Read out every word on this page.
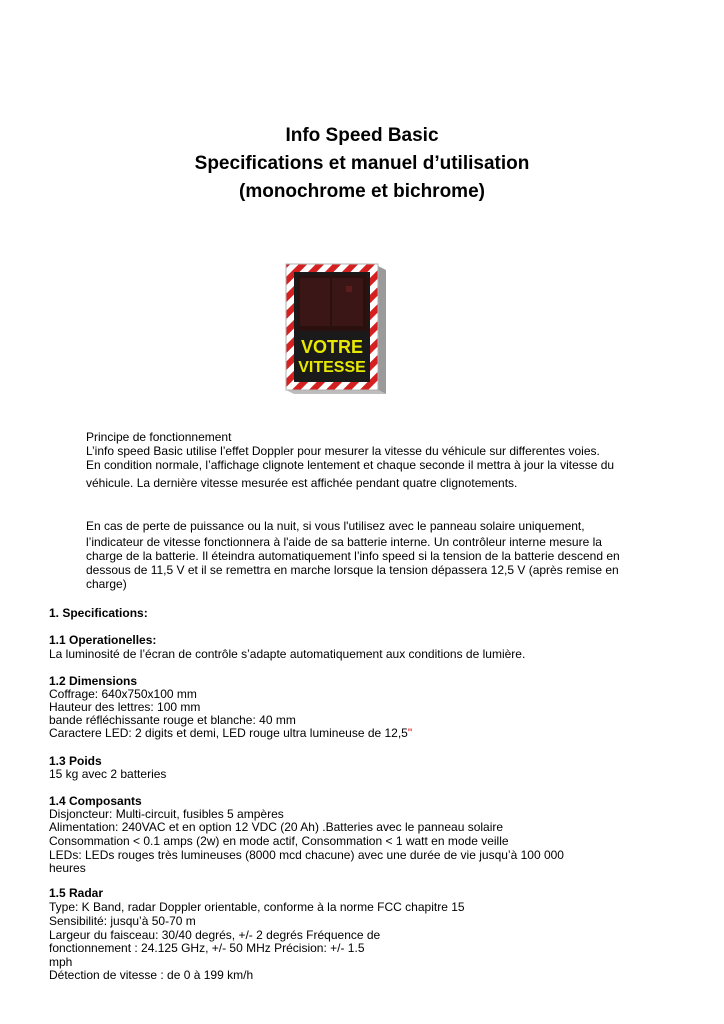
Info Speed Basic
Specifications et manuel d’utilisation
(monochrome et bichrome)
VOTRE
VITESSE

Principe de fonctionnement

L’info speed Basic utilise l’effet Doppler pour mesurer la vitesse du véhicule sur differentes voies.

En condition normale, l’affichage clignote lentement et chaque seconde il mettra à jour la vitesse du

véhicule. La dernière vitesse mesurée est affichée pendant quatre clignotements.

En cas de perte de puissance ou la nuit, si vous l'utilisez avec le panneau solaire uniquement,

l’indicateur de vitesse fonctionnera à l'aide de sa batterie interne. Un contrôleur interne mesure la

charge de la batterie. Il éteindra automatiquement l’info speed si la tension de la batterie descend en

dessous de 11,5 V et il se remettra en marche lorsque la tension dépassera 12,5 V (après remise en

charge)

1. Specifications:

1.1 Operationelles:

La luminosité de l’écran de contrôle s’adapte automatiquement aux conditions de lumière.

1.2 Dimensions

Coffrage: 640x750x100 mm

Hauteur des lettres: 100 mm

bande réfléchissante rouge et blanche: 40 mm

Caractere LED: 2 digits et demi, LED rouge ultra lumineuse de 12,5"

1.3 Poids

15 kg avec 2 batteries

1.4 Composants

Disjoncteur: Multi-circuit, fusibles 5 ampères

Alimentation: 240VAC et en option 12 VDC (20 Ah) .Batteries avec le panneau solaire

Consommation < 0.1 amps (2w) en mode actif, Consommation < 1 watt en mode veille

LEDs: LEDs rouges très lumineuses (8000 mcd chacune) avec une durée de vie jusqu’à 100 000

heures

1.5 Radar

Type: K Band, radar Doppler orientable, conforme à la norme FCC chapitre 15

Sensibilité: jusqu’à 50-70 m

Largeur du faisceau: 30/40 degrés, +/- 2 degrés Fréquence de

fonctionnement : 24.125 GHz, +/- 50 MHz Précision: +/- 1.5

mph

Détection de vitesse : de 0 à 199 km/h
